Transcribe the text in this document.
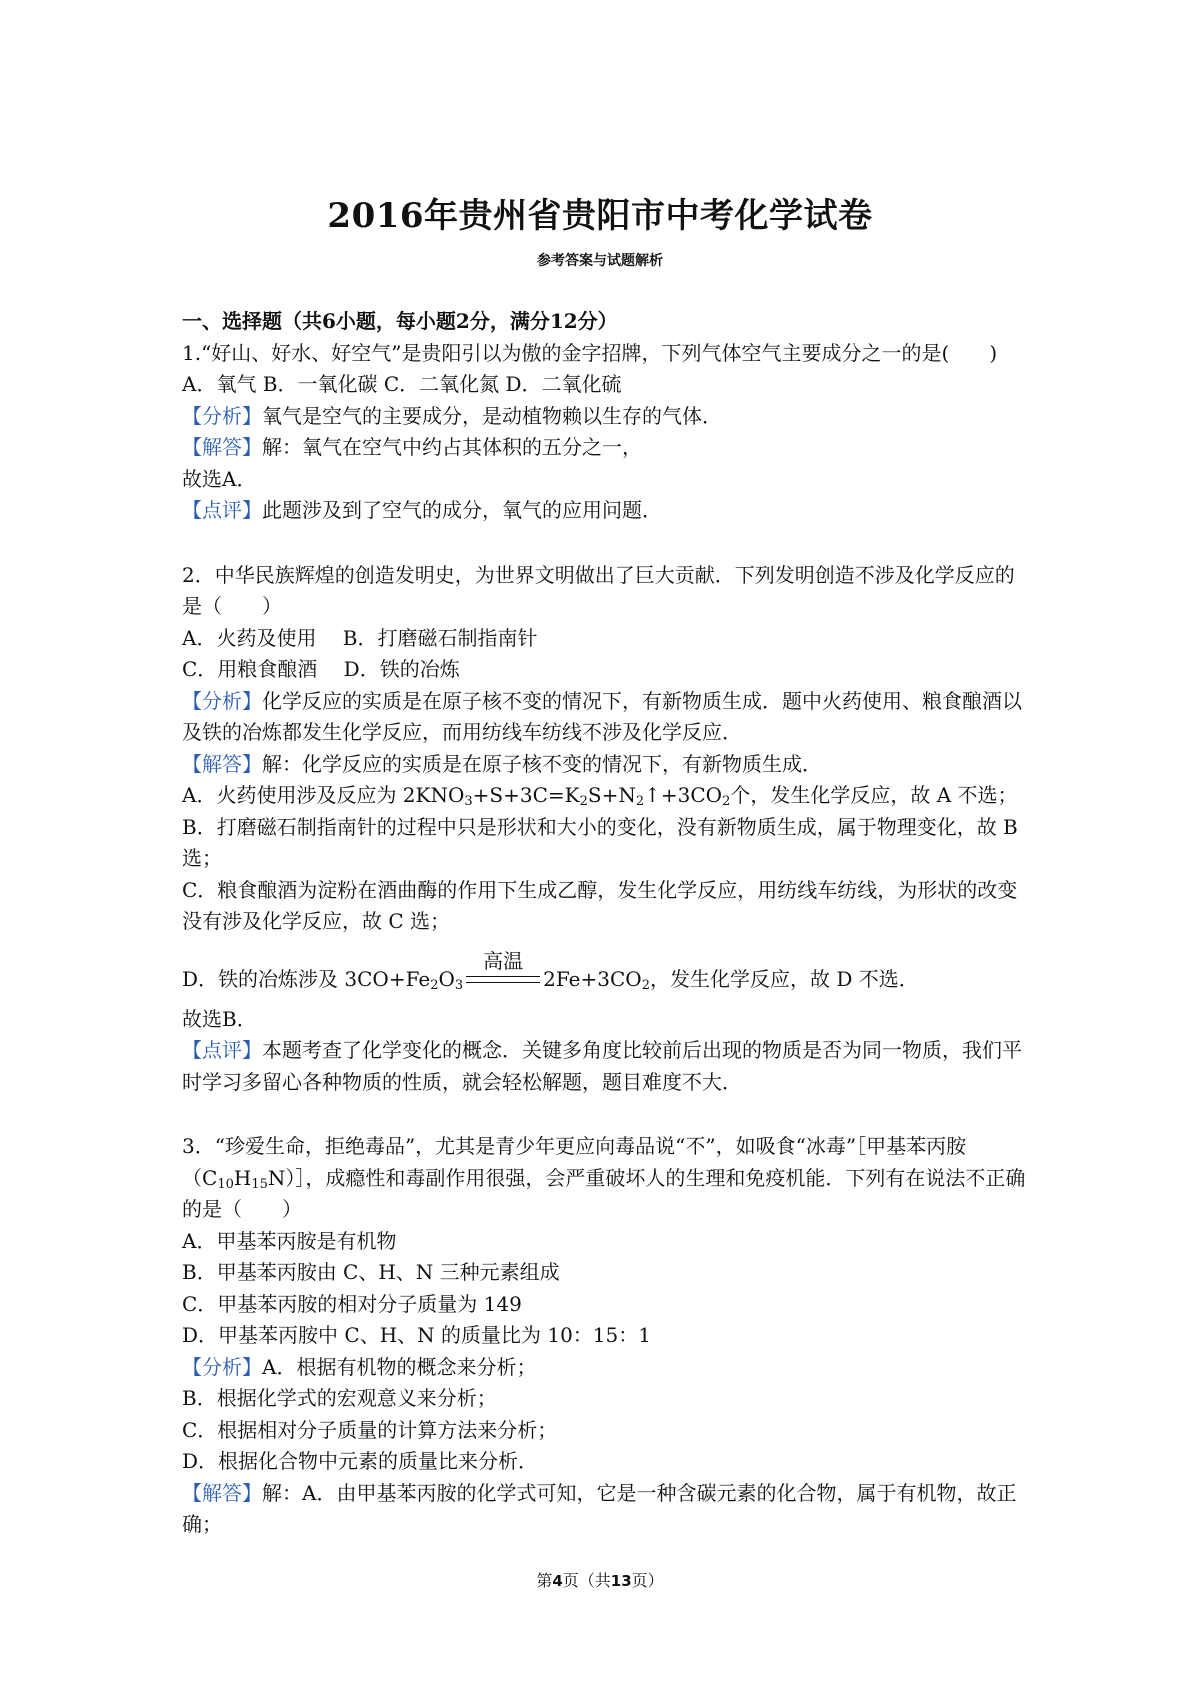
2016年贵州省贵阳市中考化学试卷
参考答案与试题解析

一、选择题（共6小题，每小题2分，满分12分）

1.“好山、好水、好空气”是贵阳引以为傲的金字招牌，下列气体空气主要成分之一的是(　　)

A．氧气 B．一氧化碳 C．二氧化氮 D．二氧化硫

【分析】氧气是空气的主要成分，是动植物赖以生存的气体．

【解答】解：氧气在空气中约占其体积的五分之一，

故选A．

【点评】此题涉及到了空气的成分，氧气的应用问题．

2．中华民族辉煌的创造发明史，为世界文明做出了巨大贡献．下列发明创造不涉及化学反应的是（　　）

A．火药及使用　 B．打磨磁石制指南针

C．用粮食酿酒　 D．铁的冶炼

【分析】化学反应的实质是在原子核不变的情况下，有新物质生成．题中火药使用、粮食酿酒以及铁的冶炼都发生化学反应，而用纺线车纺线不涉及化学反应．

【解答】解：化学反应的实质是在原子核不变的情况下，有新物质生成．

A．火药使用涉及反应为 $2KNO_3+S+3C=K_2S+N_2↑+3CO_2$个，发生化学反应，故 A 不选；

B．打磨磁石制指南针的过程中只是形状和大小的变化，没有新物质生成，属于物理变化，故 B 选；

C．粮食酿酒为淀粉在酒曲酶的作用下生成乙醇，发生化学反应，用纺线车纺线，为形状的改变没有涉及化学反应，故 C 选；

D．铁的冶炼涉及 $3CO+Fe_2O_3$
高温
$2Fe+3CO_2$，发生化学反应，故 D 不选．

故选B．

【点评】本题考查了化学变化的概念．关键多角度比较前后出现的物质是否为同一物质，我们平时学习多留心各种物质的性质，就会轻松解题，题目难度不大．

3．“珍爱生命，拒绝毒品”，尤其是青少年更应向毒品说“不”，如吸食“冰毒”［甲基苯丙胺$(C_{10}H_{15}N)]$，成瘾性和毒副作用很强，会严重破坏人的生理和免疫机能．下列有在说法不正确的是（　　）

A．甲基苯丙胺是有机物

B．甲基苯丙胺由 C、H、N 三种元素组成

C．甲基苯丙胺的相对分子质量为 149

D．甲基苯丙胺中 C、H、N 的质量比为 10：15：1

【分析】A．根据有机物的概念来分析；

B．根据化学式的宏观意义来分析；

C．根据相对分子质量的计算方法来分析；

D．根据化合物中元素的质量比来分析．

【解答】解：A．由甲基苯丙胺的化学式可知，它是一种含碳元素的化合物，属于有机物，故正确；

第4页（共13页）
